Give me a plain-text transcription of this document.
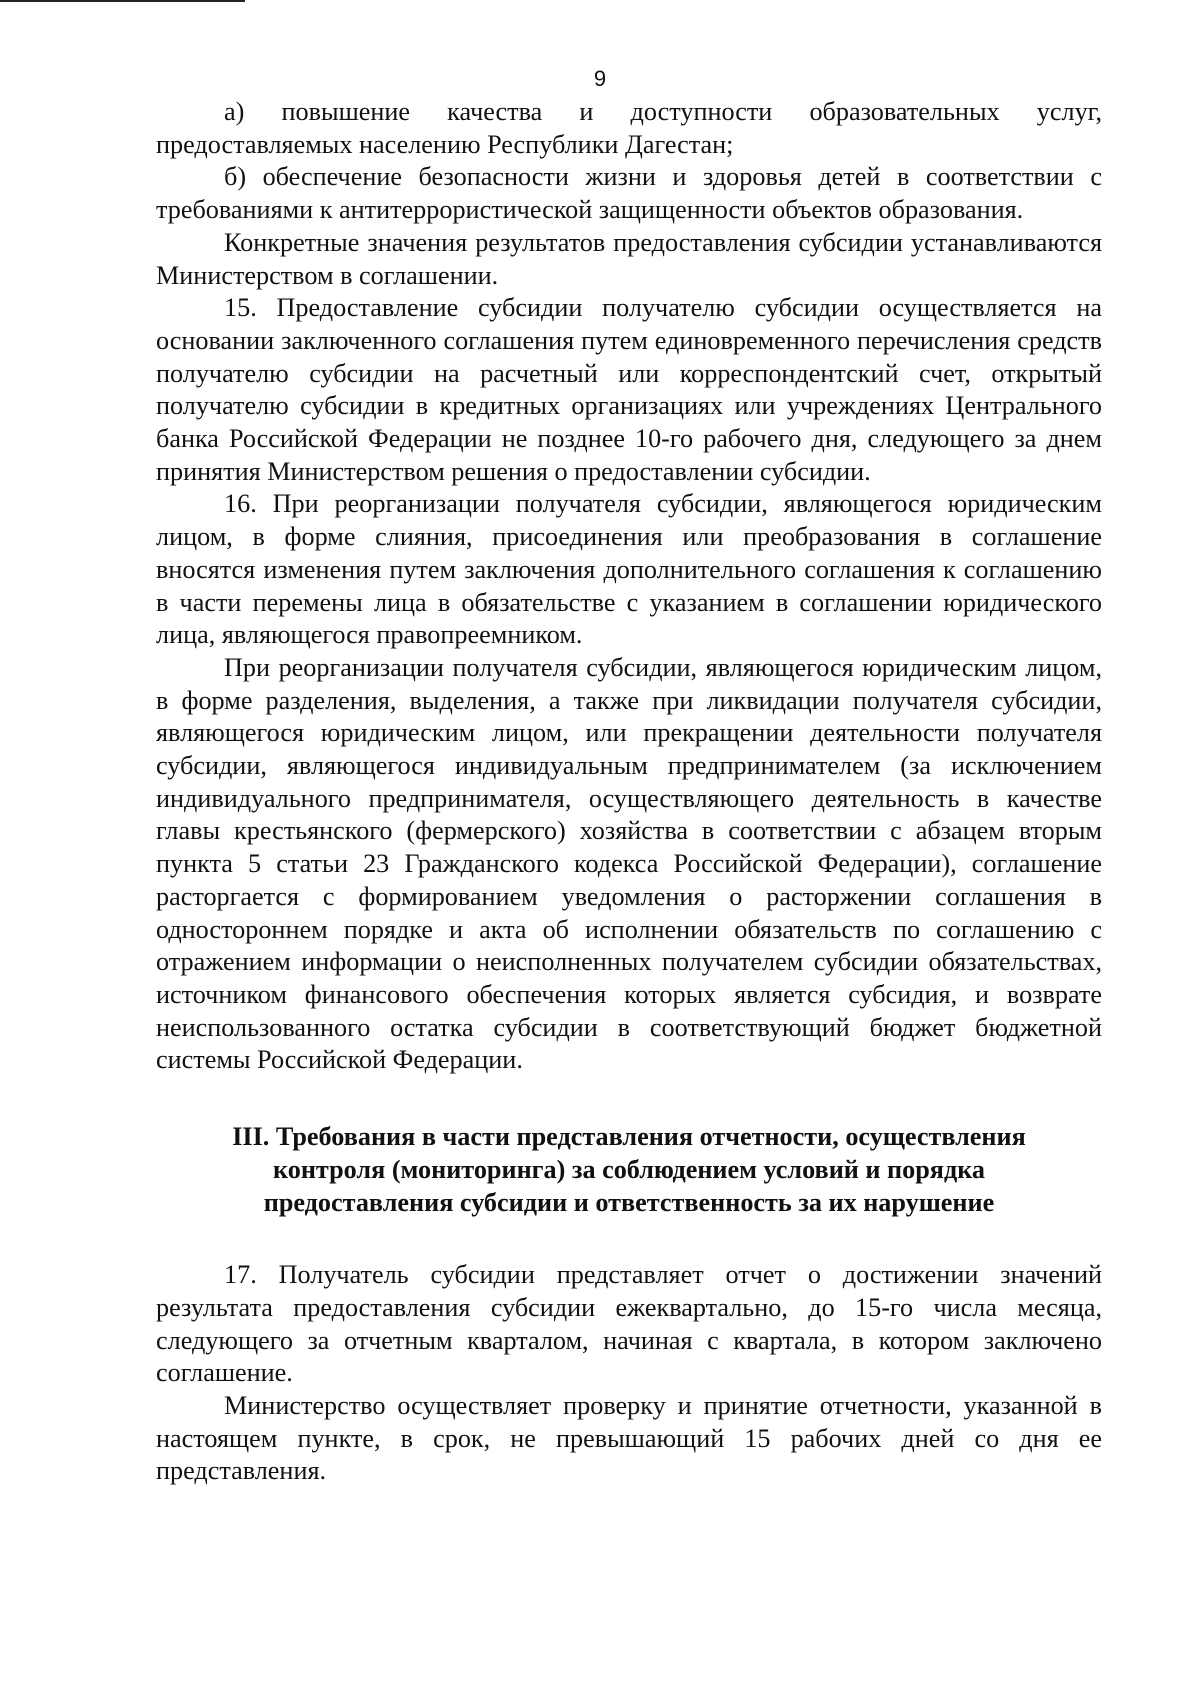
9

а) повышение качества и доступности образовательных услуг, предоставляемых населению Республики Дагестан;

б) обеспечение безопасности жизни и здоровья детей в соответствии с требованиями к антитеррористической защищенности объектов образования.

Конкретные значения результатов предоставления субсидии устанавливаются Министерством в соглашении.

15. Предоставление субсидии получателю субсидии осуществляется на основании заключенного соглашения путем единовременного перечисления средств получателю субсидии на расчетный или корреспондентский счет, открытый получателю субсидии в кредитных организациях или учреждениях Центрального банка Российской Федерации не позднее 10-го рабочего дня, следующего за днем принятия Министерством решения о предоставлении субсидии.

16. При реорганизации получателя субсидии, являющегося юридическим лицом, в форме слияния, присоединения или преобразования в соглашение вносятся изменения путем заключения дополнительного соглашения к соглашению в части перемены лица в обязательстве с указанием в соглашении юридического лица, являющегося правопреемником.

При реорганизации получателя субсидии, являющегося юридическим лицом, в форме разделения, выделения, а также при ликвидации получателя субсидии, являющегося юридическим лицом, или прекращении деятельности получателя субсидии, являющегося индивидуальным предпринимателем (за исключением индивидуального предпринимателя, осуществляющего деятельность в качестве главы крестьянского (фермерского) хозяйства в соответствии с абзацем вторым пункта 5 статьи 23 Гражданского кодекса Российской Федерации), соглашение расторгается с формированием уведомления о расторжении соглашения в одностороннем порядке и акта об исполнении обязательств по соглашению с отражением информации о неисполненных получателем субсидии обязательствах, источником финансового обеспечения которых является субсидия, и возврате неиспользованного остатка субсидии в соответствующий бюджет бюджетной системы Российской Федерации.

III. Требования в части представления отчетности, осуществления
контроля (мониторинга) за соблюдением условий и порядка
предоставления субсидии и ответственность за их нарушение

17. Получатель субсидии представляет отчет о достижении значений результата предоставления субсидии ежеквартально, до 15-го числа месяца, следующего за отчетным кварталом, начиная с квартала, в котором заключено соглашение.

Министерство осуществляет проверку и принятие отчетности, указанной в настоящем пункте, в срок, не превышающий 15 рабочих дней со дня ее представления.
